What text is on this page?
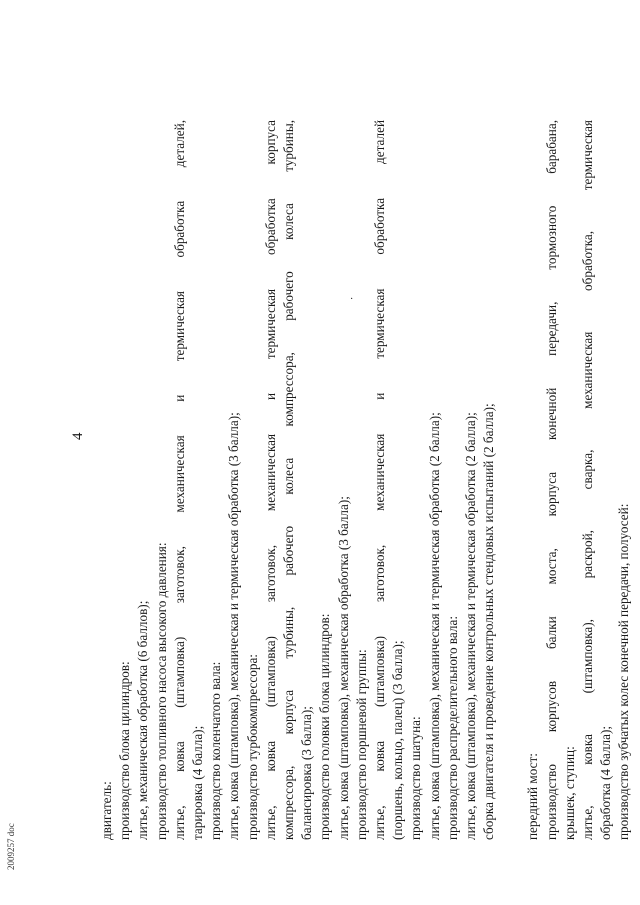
4
двигатель: производство блока цилиндров: литье, механическая обработка (6 баллов); производство топливного насоса высокого давления: литье, ковка (штамповка) заготовок, механическая и термическая обработка деталей, тарировка (4 балла); производство коленчатого вала: литье, ковка (штамповка), механическая и термическая обработка (3 балла); производство турбокомпрессора: литье, ковка (штамповка) заготовок, механическая и термическая обработка корпуса компрессора, корпуса турбины, рабочего колеса компрессора, рабочего колеса турбины, балансировка (3 балла); производство головки блока цилиндров: литье, ковка (штамповка), механическая обработка (3 балла); производство поршневой группы: литье, ковка (штамповка) заготовок, механическая и термическая обработка деталей (поршень, кольцо, палец) (3 балла); производство шатуна: литье, ковка (штамповка), механическая и термическая обработка (2 балла); производство распределительного вала: литье, ковка (штамповка), механическая и термическая обработка (2 балла); сборка двигателя и проведение контрольных стендовых испытаний (2 балла); передний мост: производство корпусов балки моста, корпуса конечной передачи, тормозного барабана, крышек, ступиц: литье, ковка (штамповка), раскрой, сварка, механическая обработка, термическая обработка (4 балла); производство зубчатых колес конечной передачи, полуосей:
·
2009257 doc
